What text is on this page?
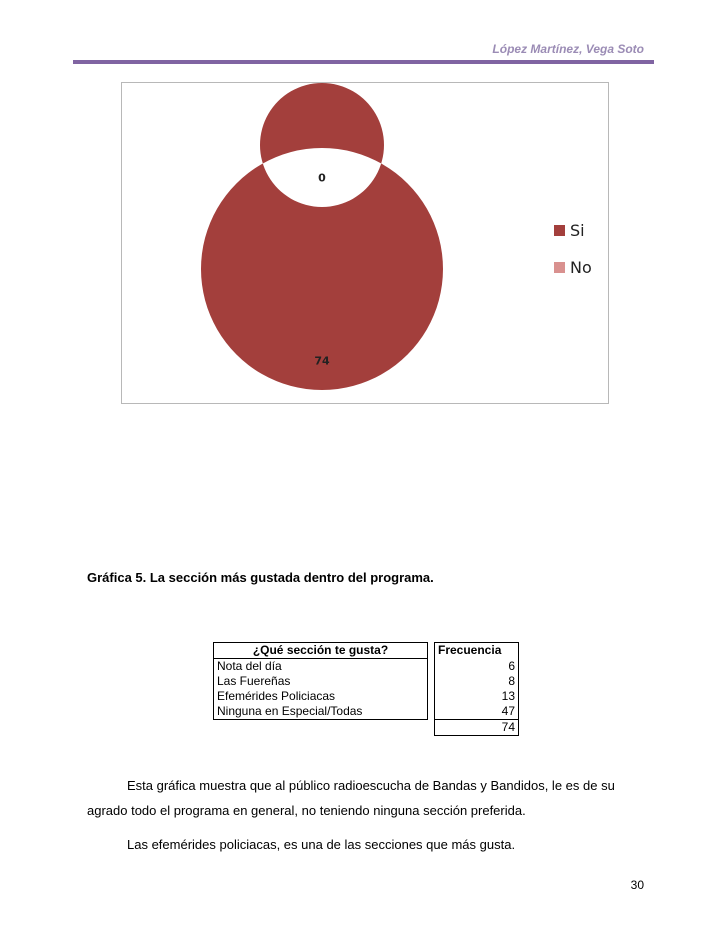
López Martínez, Vega Soto
74
0
Si
No
Gráfica 5. La sección más gustada dentro del programa.
¿Qué sección te gusta?		Frecuencia
Nota del día		6
Las Fuereñas		8
Efemérides Policiacas		13
Ninguna en Especial/Todas		47
		74

Esta gráfica muestra que al público radioescucha de Bandas y Bandidos, le es de su agrado todo el programa en general, no teniendo ninguna sección preferida.

Las efemérides policiacas, es una de las secciones que más gusta.

30
